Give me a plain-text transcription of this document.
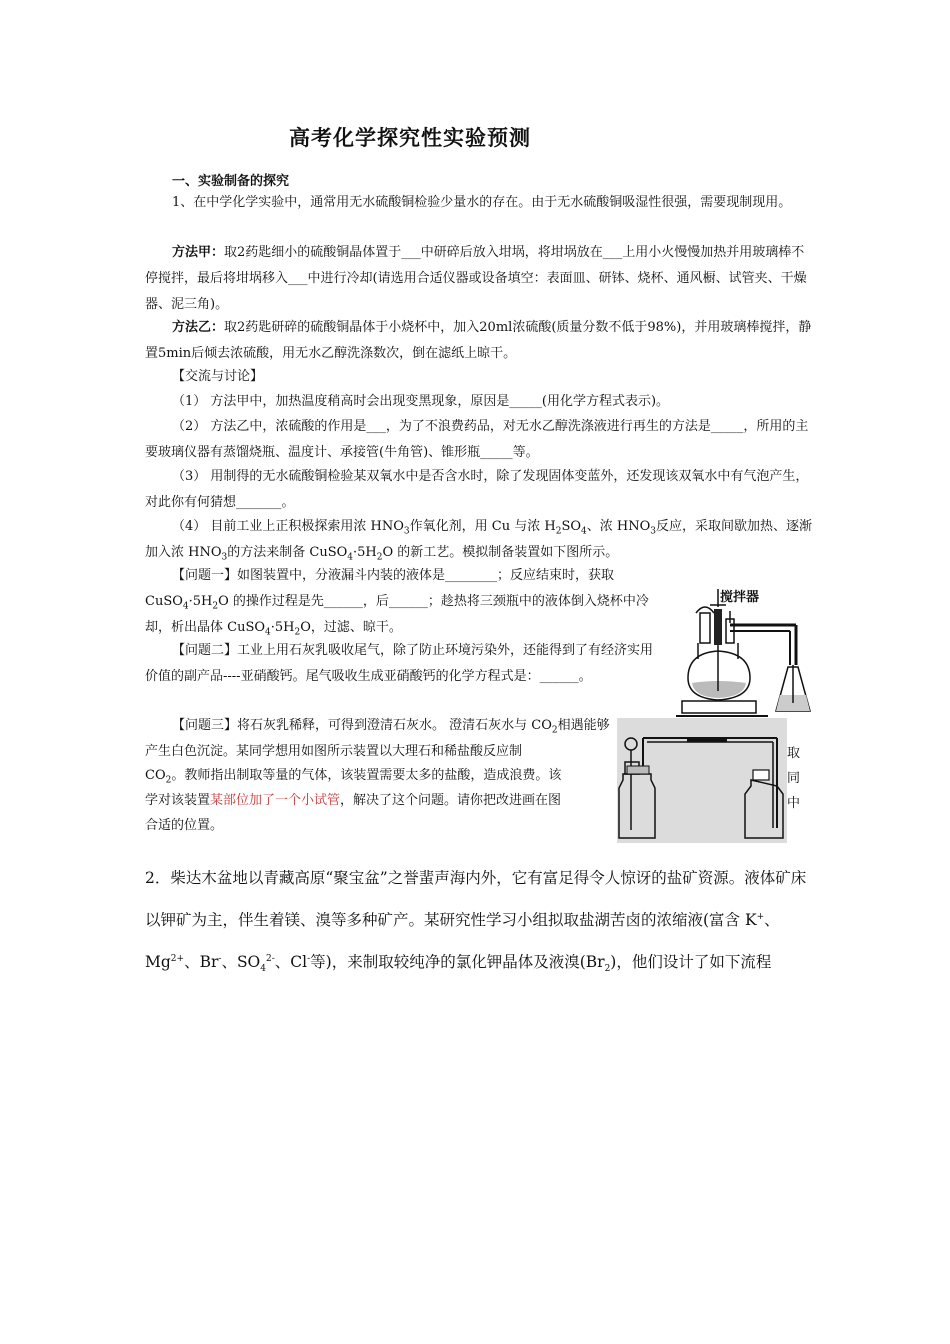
高考化学探究性实验预测
一、实验制备的探究
1、在中学化学实验中，通常用无水硫酸铜检验少量水的存在。由于无水硫酸铜吸湿性很强，需要现制现用。
方法甲：取2药匙细小的硫酸铜晶体置于___中研碎后放入坩埚，将坩埚放在___上用小火慢慢加热并用玻璃棒不停搅拌，最后将坩埚移入___中进行冷却(请选用合适仪器或设备填空：表面皿、研钵、烧杯、通风橱、试管夹、干燥器、泥三角)。
方法乙：取2药匙研碎的硫酸铜晶体于小烧杯中，加入20ml浓硫酸(质量分数不低于98%)，并用玻璃棒搅拌，静置5min后倾去浓硫酸，用无水乙醇洗涤数次，倒在滤纸上晾干。
【交流与讨论】
（1） 方法甲中，加热温度稍高时会出现变黑现象，原因是_____(用化学方程式表示)。
（2） 方法乙中，浓硫酸的作用是___，为了不浪费药品，对无水乙醇洗涤液进行再生的方法是_____，所用的主要玻璃仪器有蒸馏烧瓶、温度计、承接管(牛角管)、锥形瓶_____等。
（3） 用制得的无水硫酸铜检验某双氧水中是否含水时，除了发现固体变蓝外，还发现该双氧水中有气泡产生，对此你有何猜想_______。
（4） 目前工业上正积极探索用浓 $HNO_3$作氧化剂，用 Cu 与浓 $H_2SO_4$、浓 $HNO_3$反应，采取间歇加热、逐渐加入浓 $HNO_3$的方法来制备 $CuSO_4\cdot 5H_2O$ 的新工艺。模拟制备装置如下图所示。
【问题一】如图装置中，分液漏斗内装的液体是________；反应结束时，获取 $CuSO_4\cdot 5H_2O$ 的操作过程是先______，后______；趁热将三颈瓶中的液体倒入烧杯中冷却，析出晶体 $CuSO_4\cdot 5H_2O$，过滤、晾干。
【问题二】工业上用石灰乳吸收尾气，除了防止环境污染外，还能得到了有经济实用价值的副产品----亚硝酸钙。尾气吸收生成亚硝酸钙的化学方程式是：______。
【问题三】将石灰乳稀释，可得到澄清石灰水。 澄清石灰水与 $CO_2$相遇能够产生白色沉淀。某同学想用如图所示装置以大理石和稀盐酸反应制
$CO_2$。教师指出制取等量的气体，该装置需要太多的盐酸，造成浪费。该
学对该装置某部位加了一个小试管，解决了这个问题。请你把改进画在图
合适的位置。
取
同
中
搅拌器
2．柴达木盆地以青藏高原“聚宝盆”之誉蜚声海内外，它有富足得令人惊讶的盐矿资源。液体矿床以钾矿为主，伴生着镁、溴等多种矿产。某研究性学习小组拟取盐湖苦卤的浓缩液(富含 K+、$Mg^{2+}$、Br-、$SO_4^{2-}$、Cl-等)，来制取较纯净的氯化钾晶体及液溴$(Br_2)$，他们设计了如下流程
